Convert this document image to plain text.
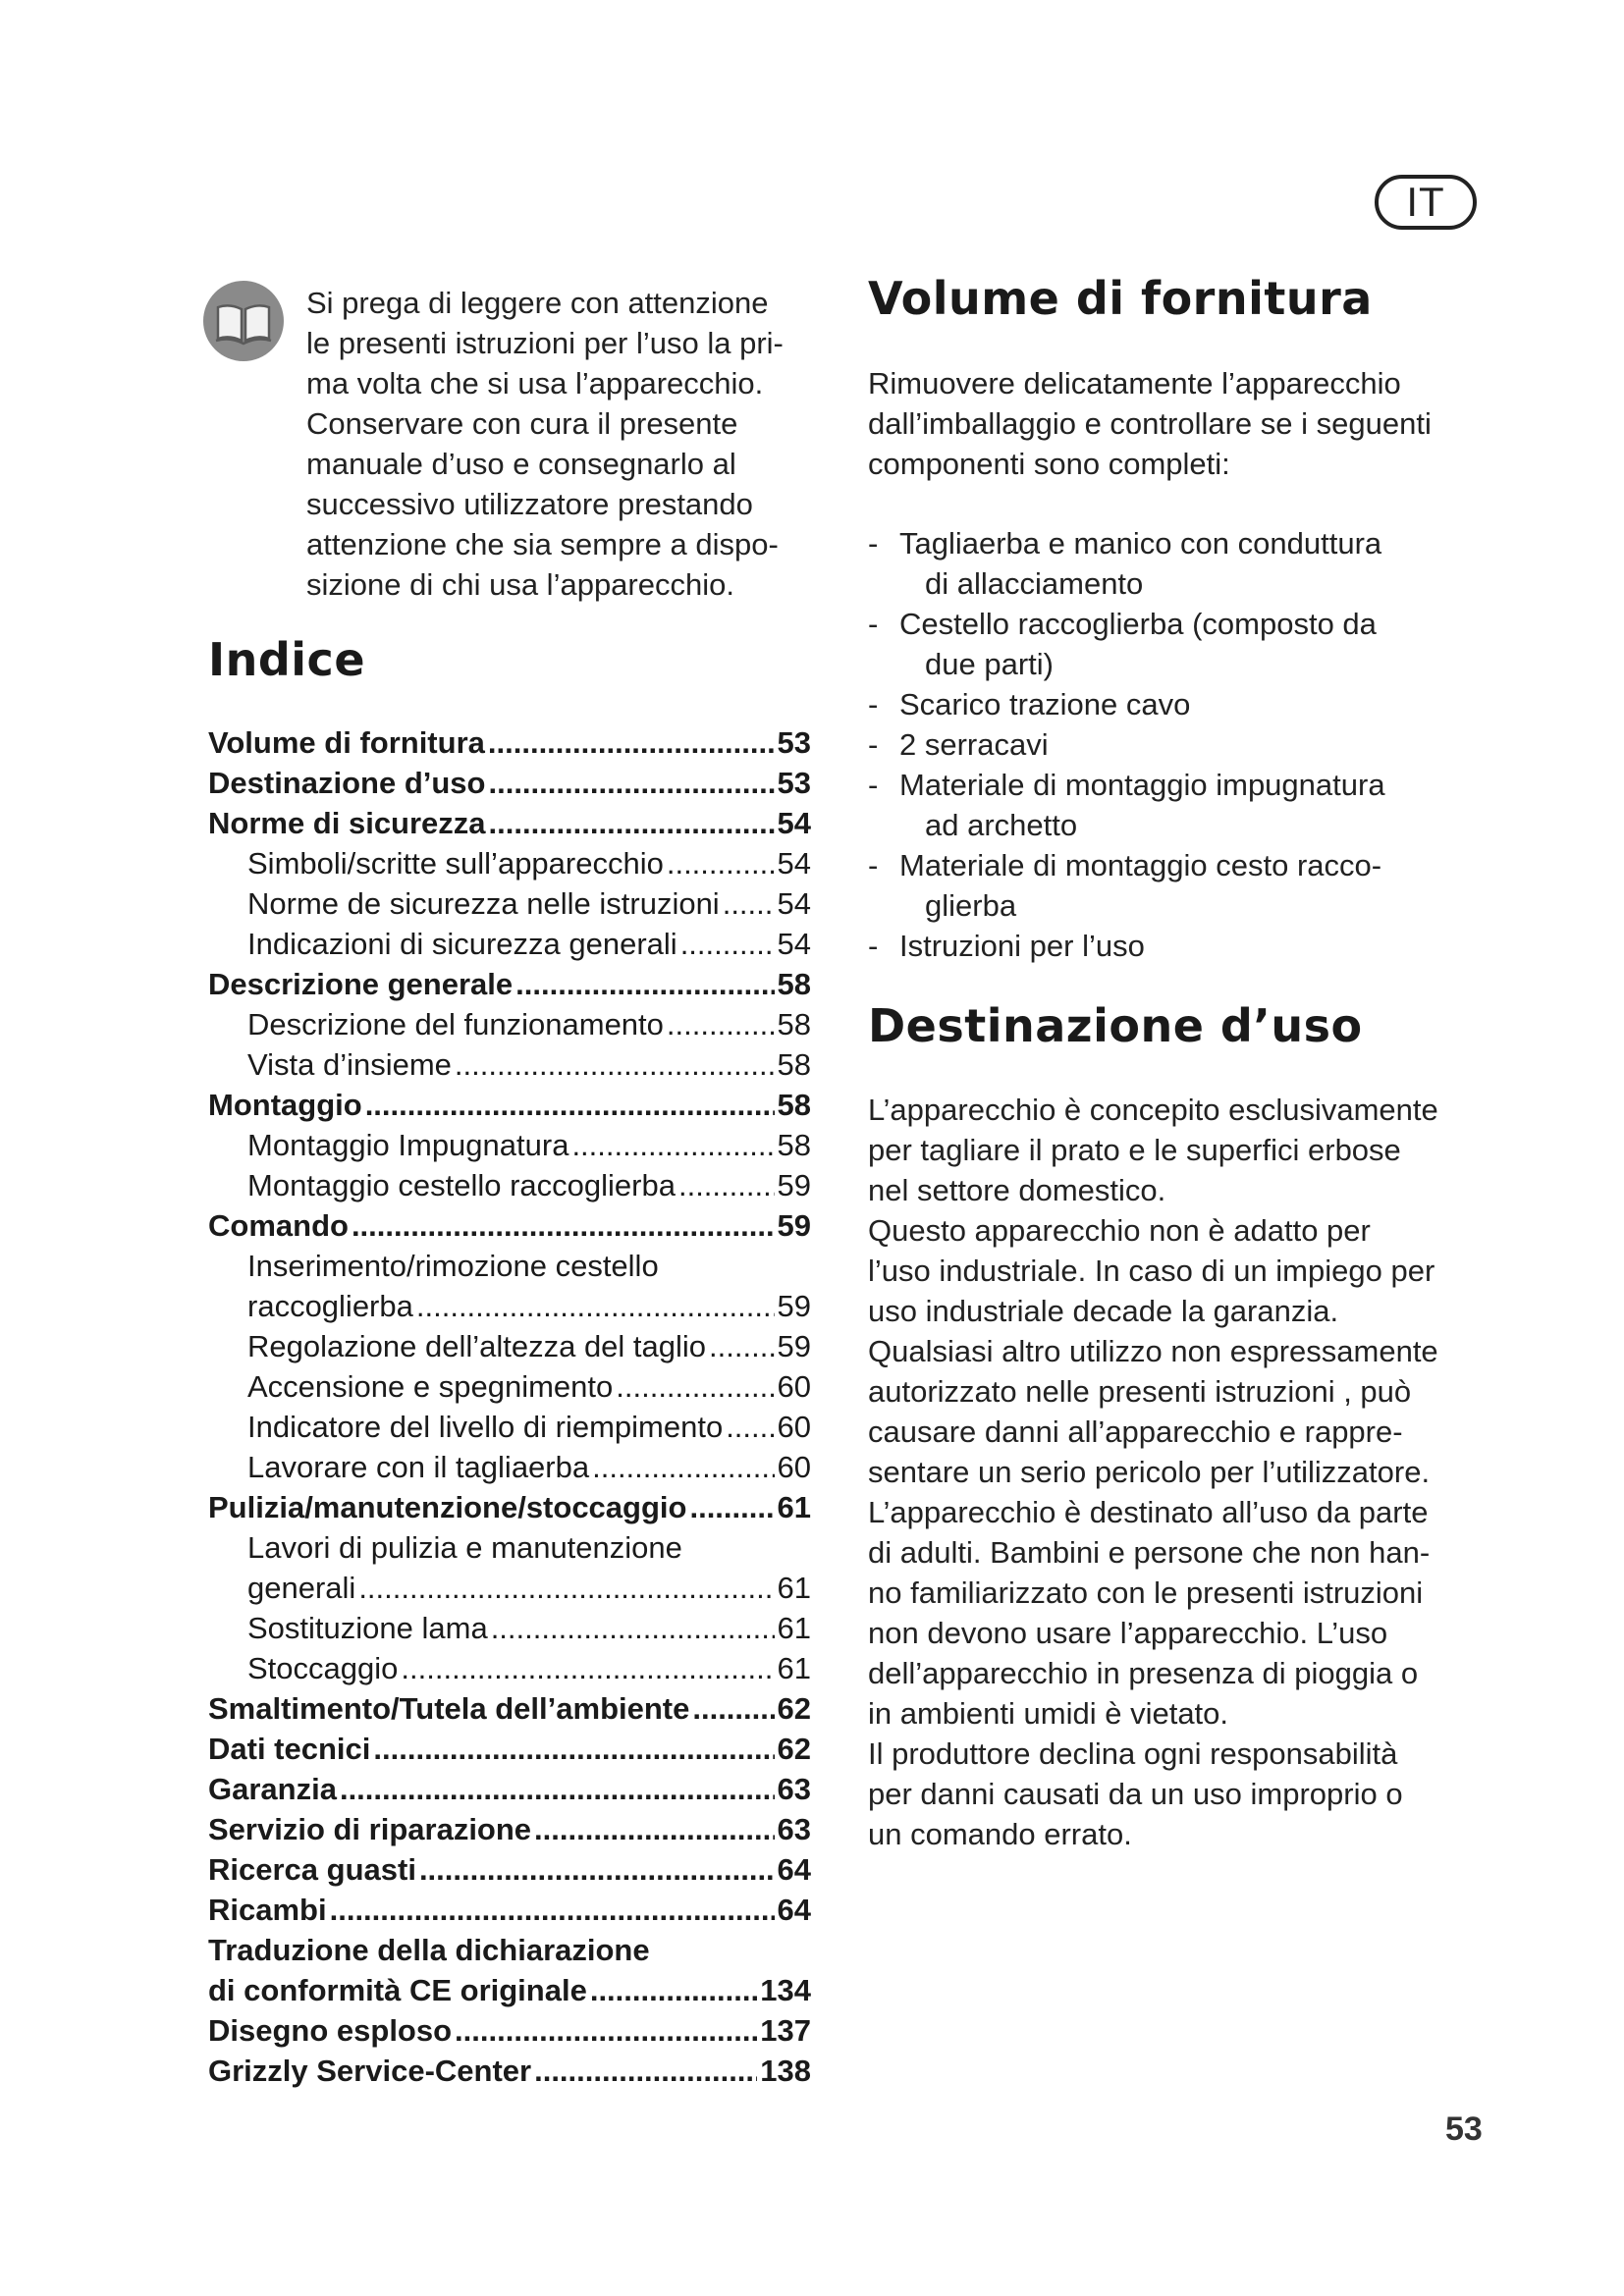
IT

Si prega di leggere con attenzione

le presenti istruzioni per l’uso la pri-

ma volta che si usa l’apparecchio.

Conservare con cura il presente

manuale d’uso e consegnarlo al

successivo utilizzatore prestando

attenzione che sia sempre a dispo-

sizione di chi usa l’apparecchio.

Indice
Volume di fornitura .....	53
Destinazione d’uso .....	53
Norme di sicurezza .....	54
Simboli/scritte sull’apparecchio .....	54
Norme de sicurezza nelle istruzioni ..... 54
Indicazioni di sicurezza generali .....	54
Descrizione generale .....	58
Descrizione del funzionamento .....	58
Vista d’insieme .....	58
Montaggio .....	58
Montaggio Impugnatura .....	58
Montaggio cestello raccoglierba .....	59
Comando .....	59
Inserimento/rimozione cestello
raccoglierba .....	59
Regolazione dell’altezza del taglio ..... 59
Accensione e spegnimento .....	60
Indicatore del livello di riempimento ..... 60
Lavorare con il tagliaerba .....	60
Pulizia/manutenzione/stoccaggio .....	61
Lavori di pulizia e manutenzione
generali .....	61
Sostituzione lama .....	61
Stoccaggio .....	61
Smaltimento/Tutela dell’ambiente .....	62
Dati tecnici .....	62
Garanzia .....	63
Servizio di riparazione .....	63
Ricerca guasti .....	64
Ricambi .....	64
Traduzione della dichiarazione
di conformità CE originale .....	134
Disegno esploso .....	137
Grizzly Service-Center .....	138
Volume di fornitura
Rimuovere delicatamente l’apparecchio
dall’imballaggio e controllare se i seguenti
componenti sono completi:
- Tagliaerba e manico con conduttura
di allacciamento
- Cestello raccoglierba (composto da
due parti)
- Scarico trazione cavo
- 2 serracavi
- Materiale di montaggio impugnatura
ad archetto
- Materiale di montaggio cesto racco-
glierba
- Istruzioni per l’uso
Destinazione d’uso
L’apparecchio è concepito esclusivamente
per tagliare il prato e le superfici erbose
nel settore domestico.
Questo apparecchio non è adatto per
l’uso industriale. In caso di un impiego per
uso industriale decade la garanzia.
Qualsiasi altro utilizzo non espressamente
autorizzato nelle presenti istruzioni , può
causare danni all’apparecchio e rappre-
sentare un serio pericolo per l’utilizzatore.
L’apparecchio è destinato all’uso da parte
di adulti. Bambini e persone che non han-
no familiarizzato con le presenti istruzioni
non devono usare l’apparecchio. L’uso
dell’apparecchio in presenza di pioggia o
in ambienti umidi è vietato.
Il produttore declina ogni responsabilità
per danni causati da un uso improprio o
un comando errato.
53
